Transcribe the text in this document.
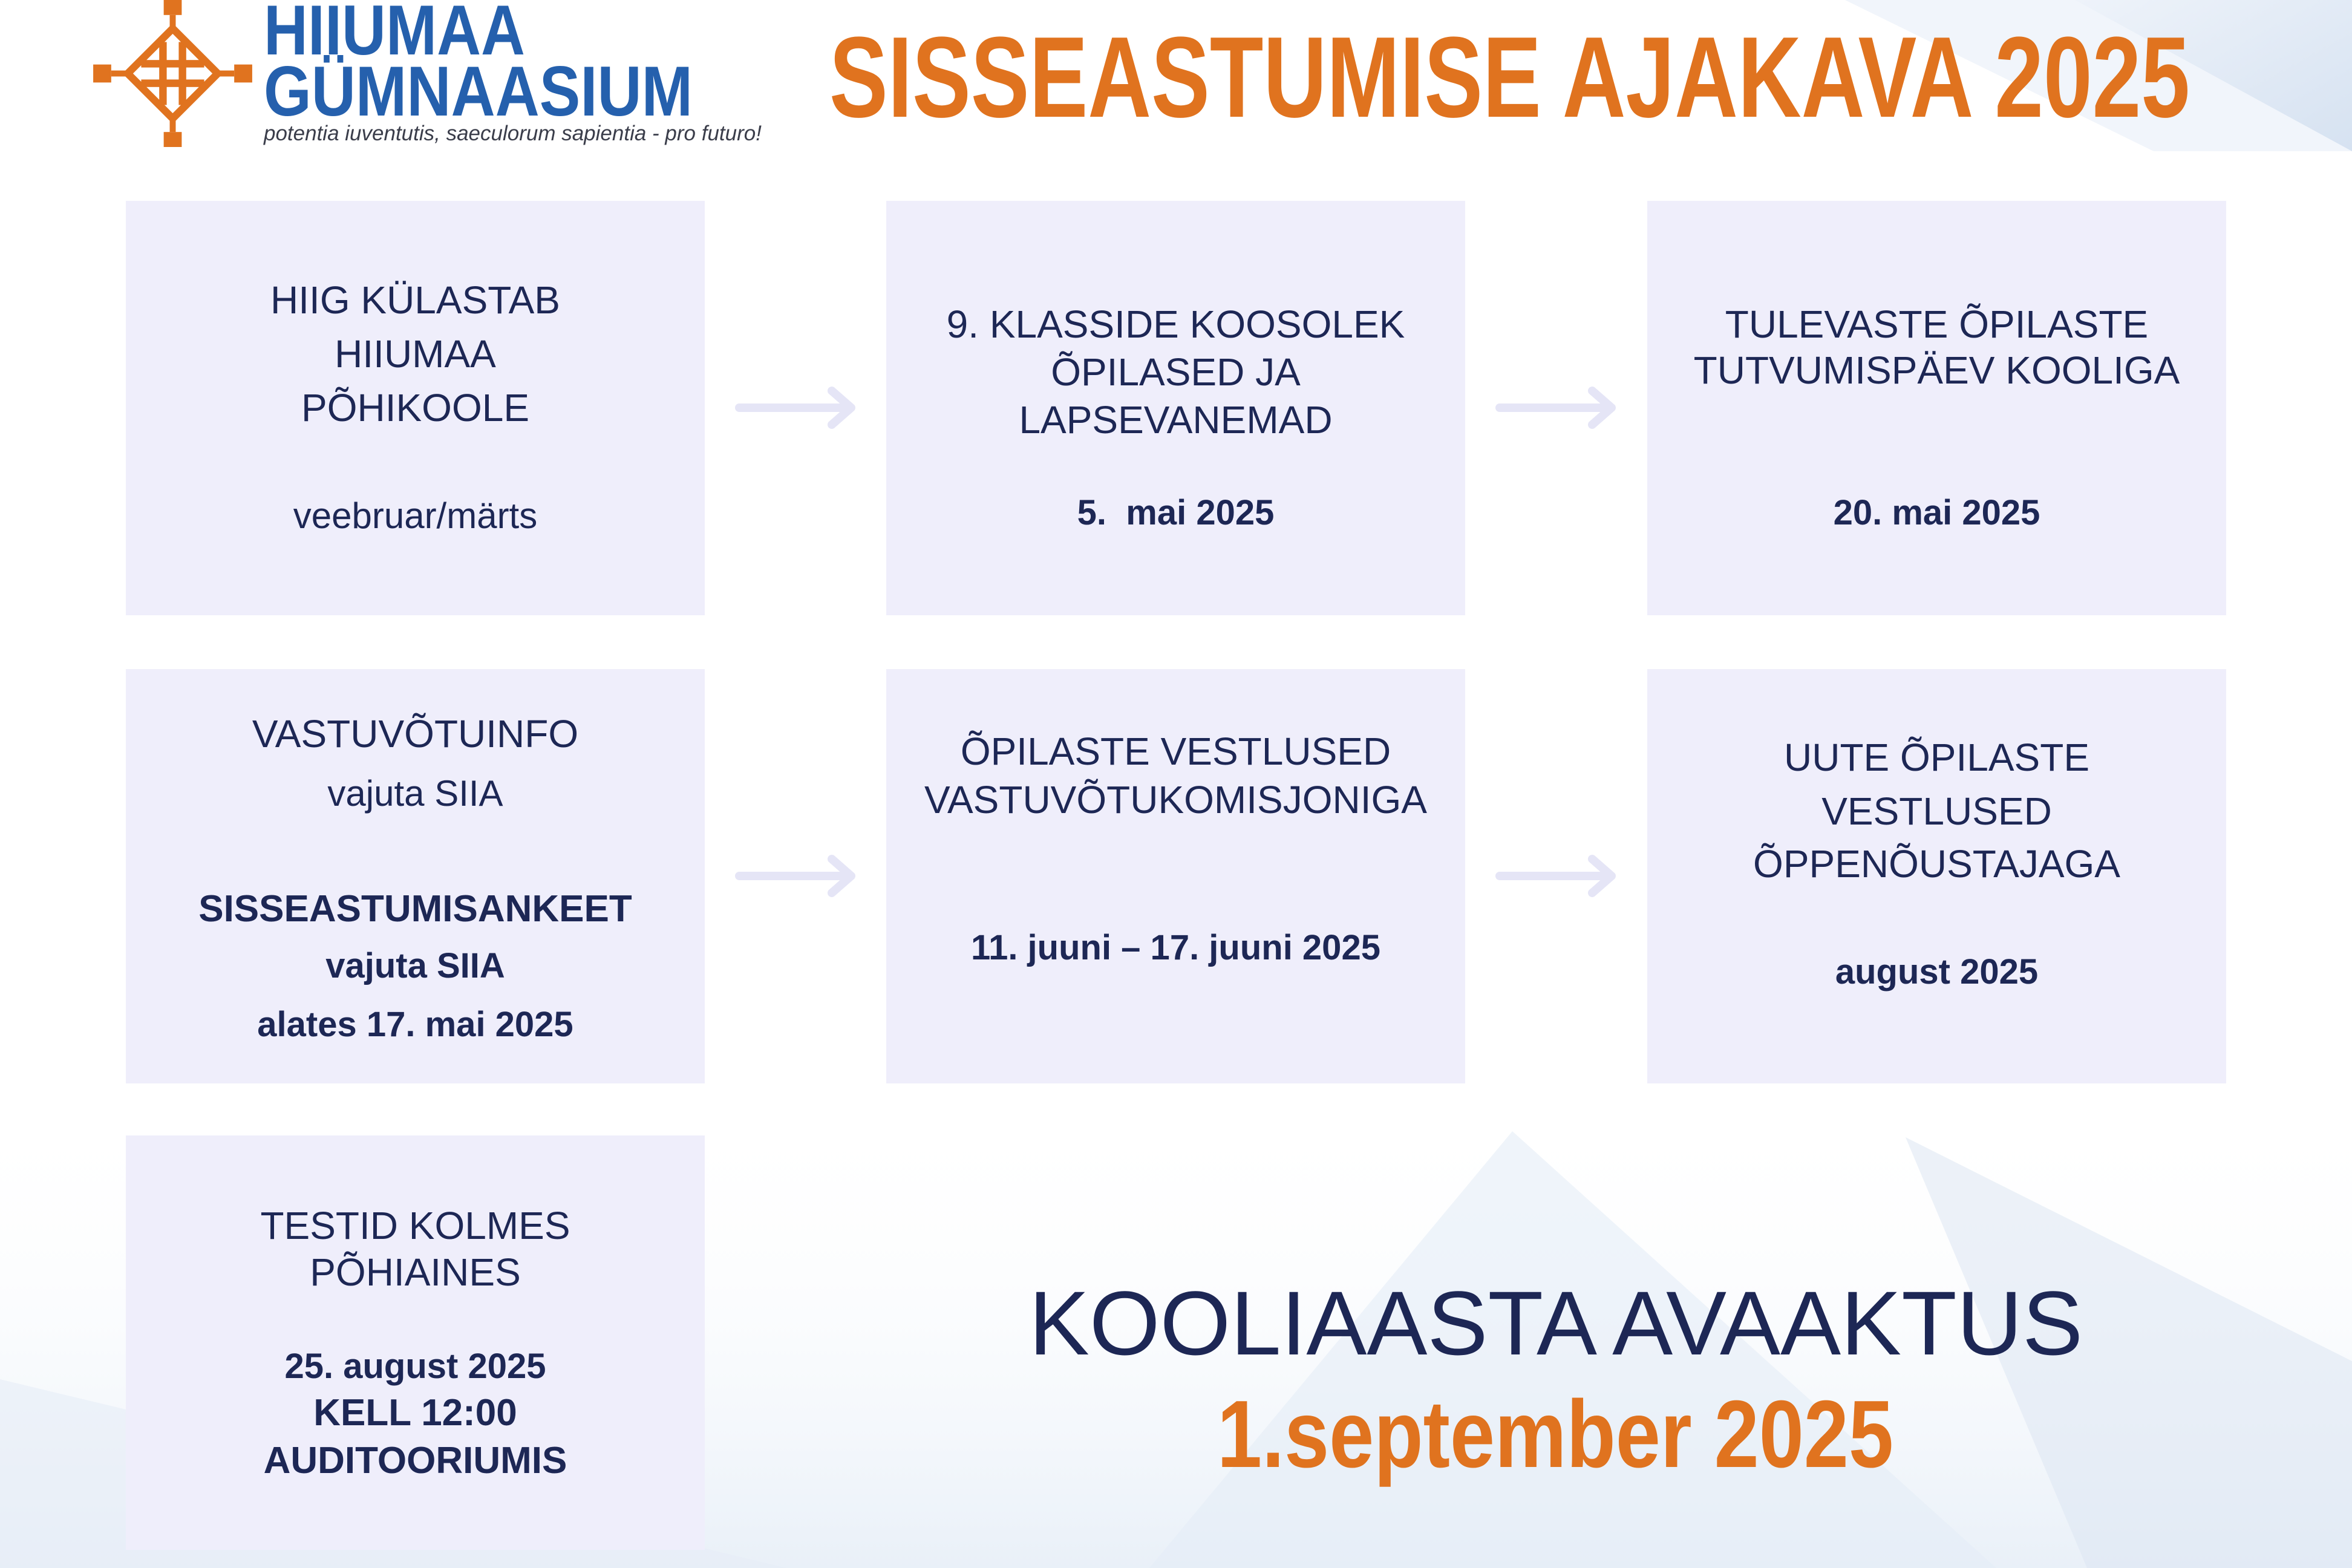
HIIUMAA
GÜMNAASIUM
potentia iuventutis, saeculorum sapientia - pro futuro! SISSEASTUMISE AJAKAVA 2025
HIIG KÜLASTAB
HIIUMAA
PÕHIKOOLE
veebruar/märts
9. KLASSIDE KOOSOLEK
ÕPILASED JA
LAPSEVANEMAD
5.  mai 2025
TULEVASTE ÕPILASTE
TUTVUMISPÄEV KOOLIGA
20. mai 2025
VASTUVÕTUINFO
vajuta SIIA
SISSEASTUMISANKEET
vajuta SIIA
alates 17. mai 2025
ÕPILASTE VESTLUSED
VASTUVÕTUKOMISJONIGA
11. juuni – 17. juuni 2025
UUTE ÕPILASTE
VESTLUSED
ÕPPENÕUSTAJAGA
august 2025
TESTID KOLMES
PÕHIAINES
25. august 2025
KELL 12:00
AUDITOORIUMIS
KOOLIAASTA AVAAKTUS
1.september 2025
